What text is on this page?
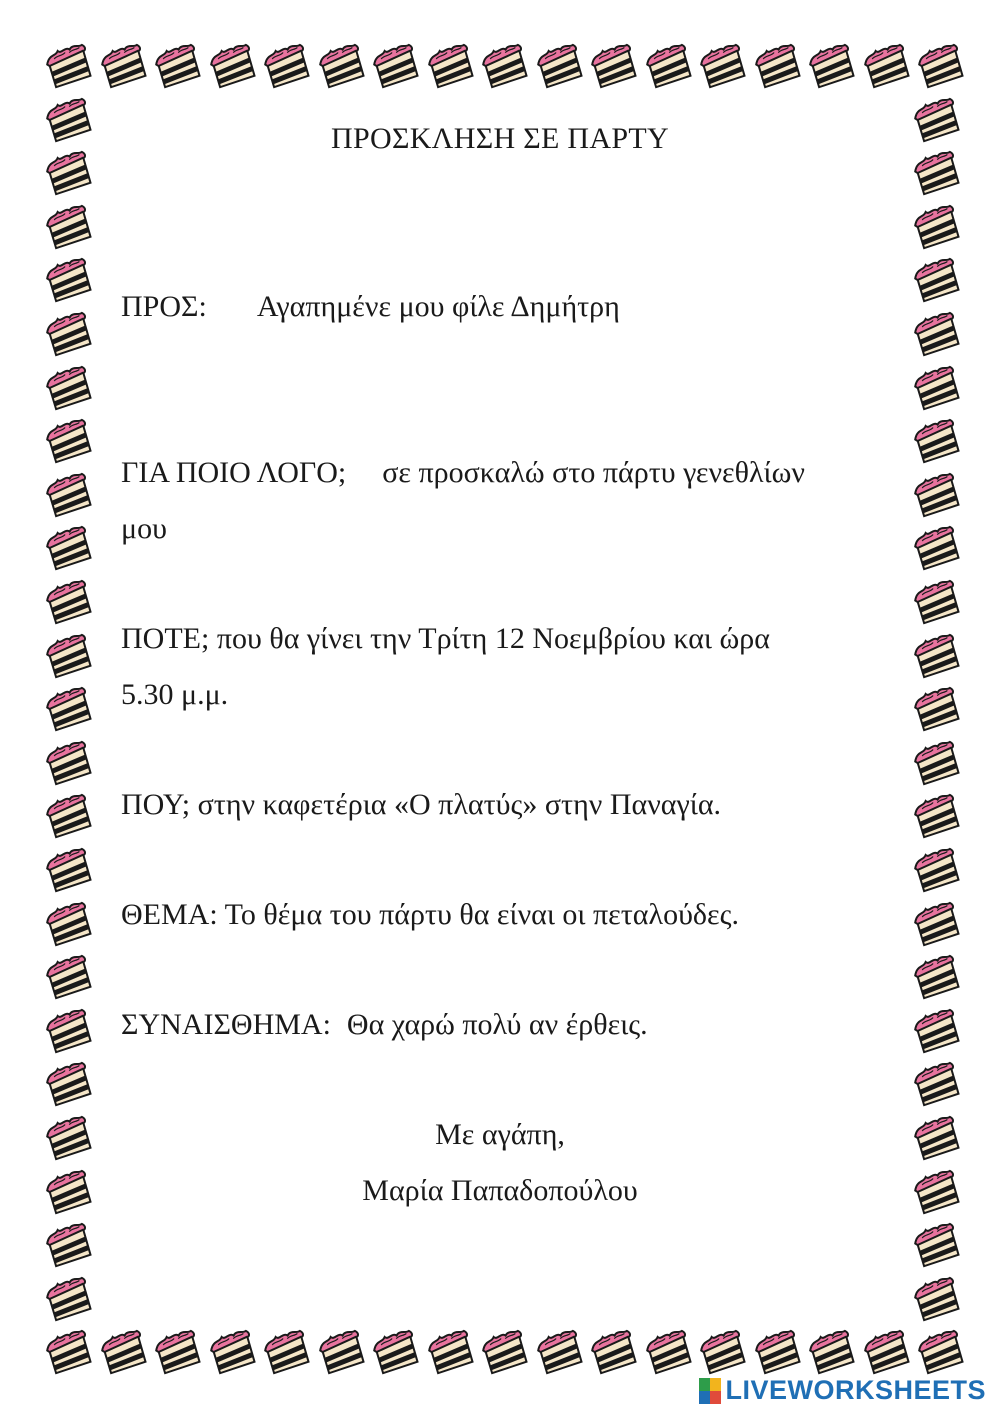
ΠΡΟΣΚΛΗΣΗ ΣΕ ΠΑΡΤΥ
ΠΡΟΣ: Αγαπημένε μου φίλε Δημήτρη
ΓΙΑ ΠΟΙΟ ΛΟΓΟ; σε προσκαλώ στο πάρτυ γενεθλίων
μου
ΠΟΤΕ; που θα γίνει την Τρίτη 12 Νοεμβρίου και ώρα
5.30 μ.μ.
ΠΟΥ; στην καφετέρια «Ο πλατύς» στην Παναγία.
ΘΕΜΑ: Το θέμα του πάρτυ θα είναι οι πεταλούδες.
ΣΥΝΑΙΣΘΗΜΑ: Θα χαρώ πολύ αν έρθεις.
Με αγάπη,
Μαρία Παπαδοπούλου
LIVEWORKSHEETS
